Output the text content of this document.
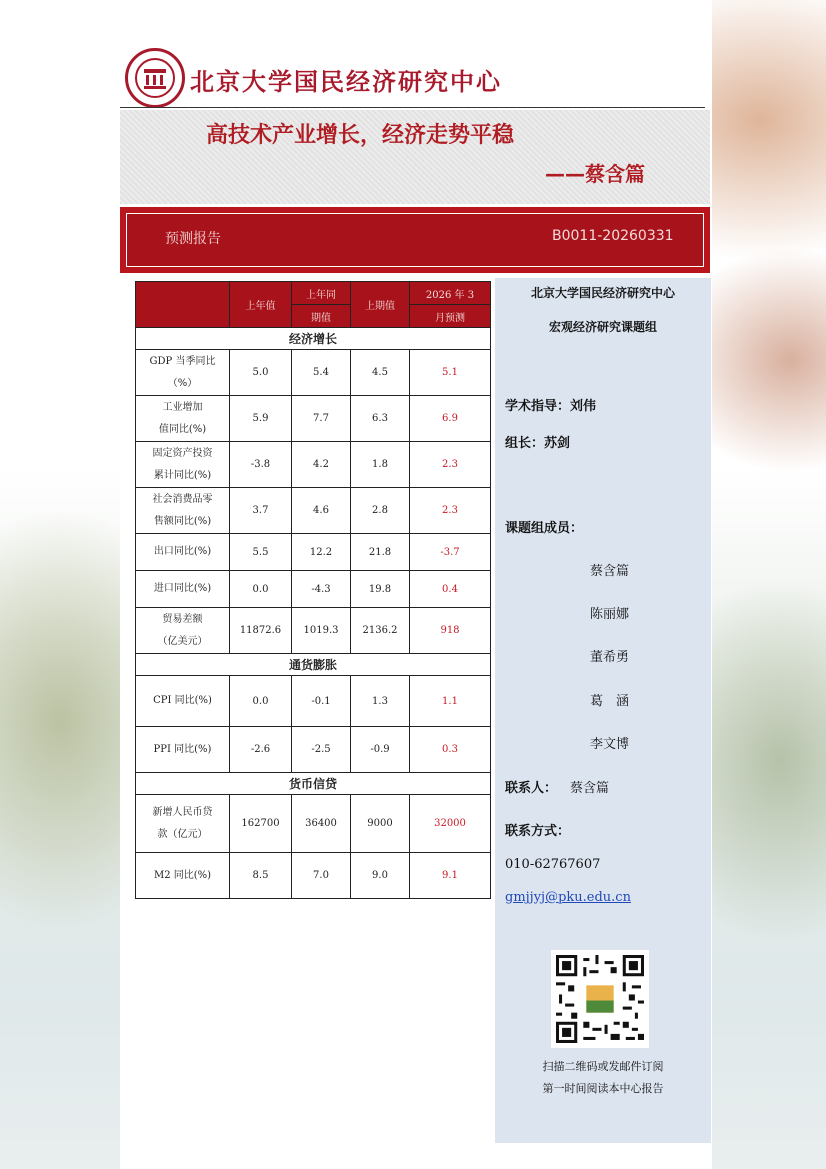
北京大学国民经济研究中心
高技术产业增长，经济走势平稳
——蔡含篇
预测报告	B0011-20260331
	上年值	上年同	上期值	2026 年 3
		期值		月预测
经济增长				

GDP 当季同比
（%）	5.0	5.4	4.5	5.1

工业增加
值同比(%)	5.9	7.7	6.3	6.9

固定资产投资
累计同比(%)	-3.8	4.2	1.8	2.3

社会消费品零
售额同比(%)	3.7	4.6	2.8	2.3

出口同比(%)	5.5	12.2	21.8	-3.7

进口同比(%)	0.0	-4.3	19.8	0.4

贸易差额
（亿美元）	11872.6	1019.3	2136.2	918
通货膨胀				

CPI 同比(%)	0.0	-0.1	1.3	1.1

PPI 同比(%)	-2.6	-2.5	-0.9	0.3
货币信贷				

新增人民币贷
款（亿元）	162700	36400	9000	32000

M2 同比(%)	8.5	7.0	9.0	9.1
北京大学国民经济研究中心
宏观经济研究课题组
学术指导：刘伟
组长：苏剑
课题组成员：
蔡含篇
陈丽娜
董希勇
葛　涵
李文博
联系人： 蔡含篇
联系方式：
010-62767607
gmjjyj@pku.edu.cn
扫描二维码或发邮件订阅
第一时间阅读本中心报告
